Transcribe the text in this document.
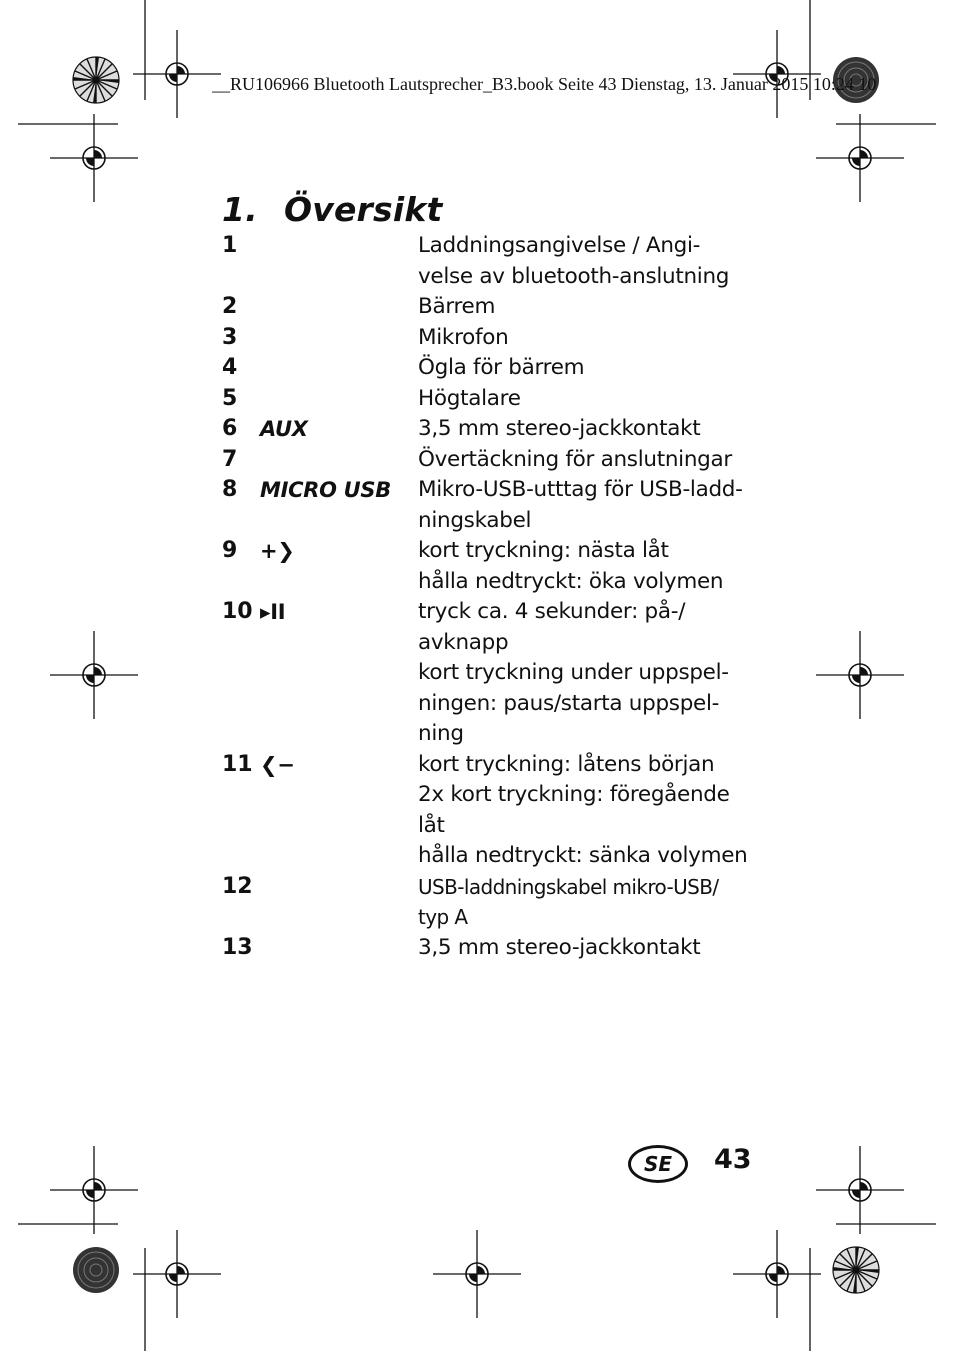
__RU106966 Bluetooth Lautsprecher_B3.book Seite 43 Dienstag, 13. Januar 2015 10:24 10
1. Översikt
1	Laddningsangivelse / Angi-
velse av bluetooth-anslutning
2	Bärrem
3	Mikrofon
4	Ögla för bärrem
5	Högtalare
6	AUX	3,5 mm stereo-jackkontakt
7	Övertäckning för anslutningar
8	MICRO USB	Mikro-USB-utttag för USB-ladd-
ningskabel
9	+❯	kort tryckning: nästa låt
hålla nedtryckt: öka volymen
10 ▸II	tryck ca. 4 sekunder: på-/
avknapp
kort tryckning under uppspel-
ningen: paus/starta uppspel-
ning
11 ❮−	kort tryckning: låtens början
2x kort tryckning: föregående
låt
hålla nedtryckt: sänka volymen
12	USB-laddningskabel mikro-USB/
typ A
13	3,5 mm stereo-jackkontakt
SE	43
